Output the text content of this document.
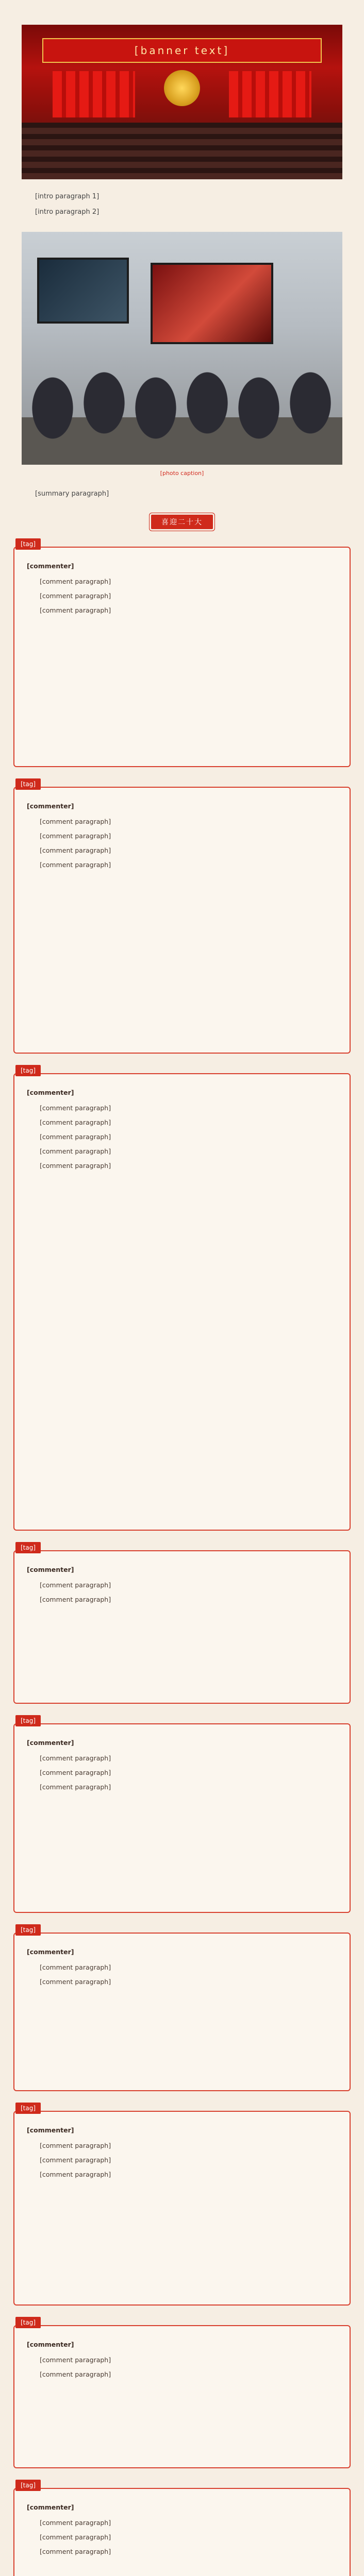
[banner text]

[intro paragraph 1]

[intro paragraph 2]

[photo caption]

[summary paragraph]

喜迎二十大
[tag]

[commenter]

[comment paragraph]

[comment paragraph]

[comment paragraph]

[tag]

[commenter]

[comment paragraph]

[comment paragraph]

[comment paragraph]

[comment paragraph]

[tag]

[commenter]

[comment paragraph]

[comment paragraph]

[comment paragraph]

[comment paragraph]

[comment paragraph]

[tag]

[commenter]

[comment paragraph]

[comment paragraph]

[tag]

[commenter]

[comment paragraph]

[comment paragraph]

[comment paragraph]

[tag]

[commenter]

[comment paragraph]

[comment paragraph]

[tag]

[commenter]

[comment paragraph]

[comment paragraph]

[comment paragraph]

[tag]

[commenter]

[comment paragraph]

[comment paragraph]

[tag]

[commenter]

[comment paragraph]

[comment paragraph]

[comment paragraph]
